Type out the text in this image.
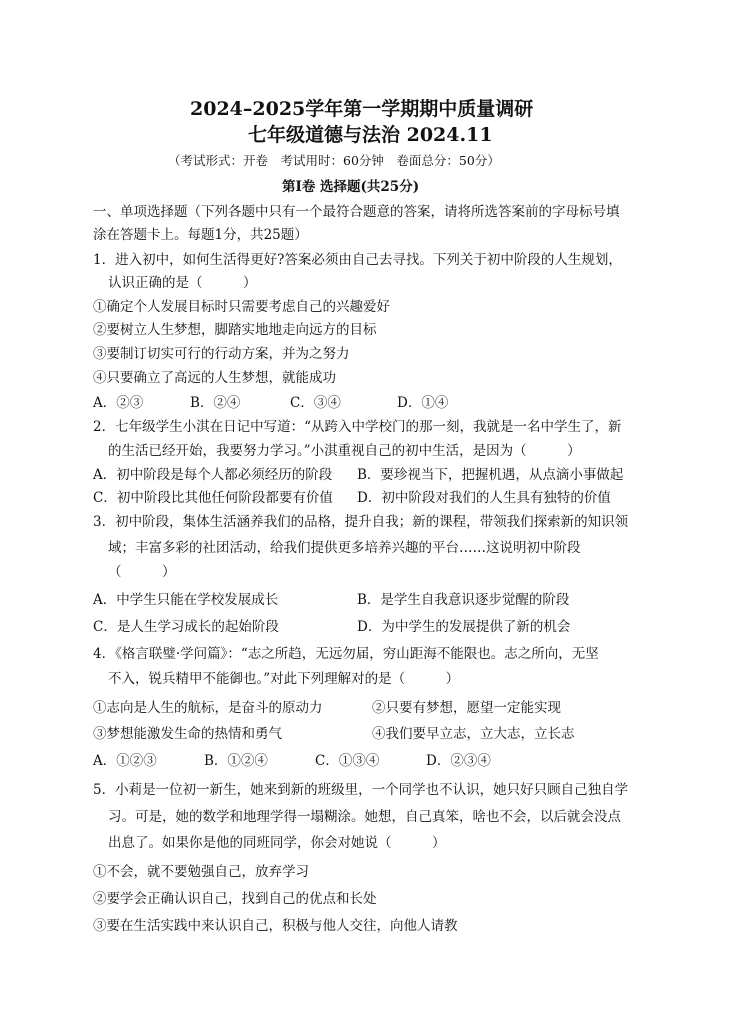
2024–2025学年第一学期期中质量调研
七年级道德与法治 2024.11
（考试形式：开卷　考试用时：60分钟　卷面总分：50分）
第Ⅰ卷 选择题(共25分)
一、单项选择题（下列各题中只有一个最符合题意的答案，请将所选答案前的字母标号填
涂在答题卡上。每题1分，共25题）
1．进入初中，如何生活得更好?答案必须由自己去寻找。下列关于初中阶段的人生规划，
认识正确的是（　　　）
①确定个人发展目标时只需要考虑自己的兴趣爱好
②要树立人生梦想，脚踏实地地走向远方的目标
③要制订切实可行的行动方案，并为之努力
④只要确立了高远的人生梦想，就能成功
A．②③	B．②④	C．③④	D．①④
2．七年级学生小淇在日记中写道：“从跨入中学校门的那一刻，我就是一名中学生了，新
的生活已经开始，我要努力学习。”小淇重视自己的初中生活，是因为（　　　）
A．初中阶段是每个人都必须经历的阶段 B．要珍视当下，把握机遇，从点滴小事做起
C．初中阶段比其他任何阶段都要有价值 D．初中阶段对我们的人生具有独特的价值
3．初中阶段，集体生活涵养我们的品格，提升自我；新的课程，带领我们探索新的知识领
域；丰富多彩的社团活动，给我们提供更多培养兴趣的平台……这说明初中阶段
（　　　）
A．中学生只能在学校发展成长	B．是学生自我意识逐步觉醒的阶段
C．是人生学习成长的起始阶段	D．为中学生的发展提供了新的机会
4．《格言联璧·学问篇》：“志之所趋，无远勿届，穷山距海不能限也。志之所向，无坚
不入，锐兵精甲不能御也。”对此下列理解对的是（　　　）
①志向是人生的航标，是奋斗的原动力	②只要有梦想，愿望一定能实现
③梦想能激发生命的热情和勇气	④我们要早立志，立大志，立长志
A．①②③	B．①②④	C．①③④	D．②③④
5．小莉是一位初一新生，她来到新的班级里，一个同学也不认识，她只好只顾自己独自学
习。可是，她的数学和地理学得一塌糊涂。她想，自己真笨，啥也不会，以后就会没点
出息了。如果你是他的同班同学，你会对她说（　　　）
①不会，就不要勉强自己，放弃学习
②要学会正确认识自己，找到自己的优点和长处
③要在生活实践中来认识自己，积极与他人交往，向他人请教
